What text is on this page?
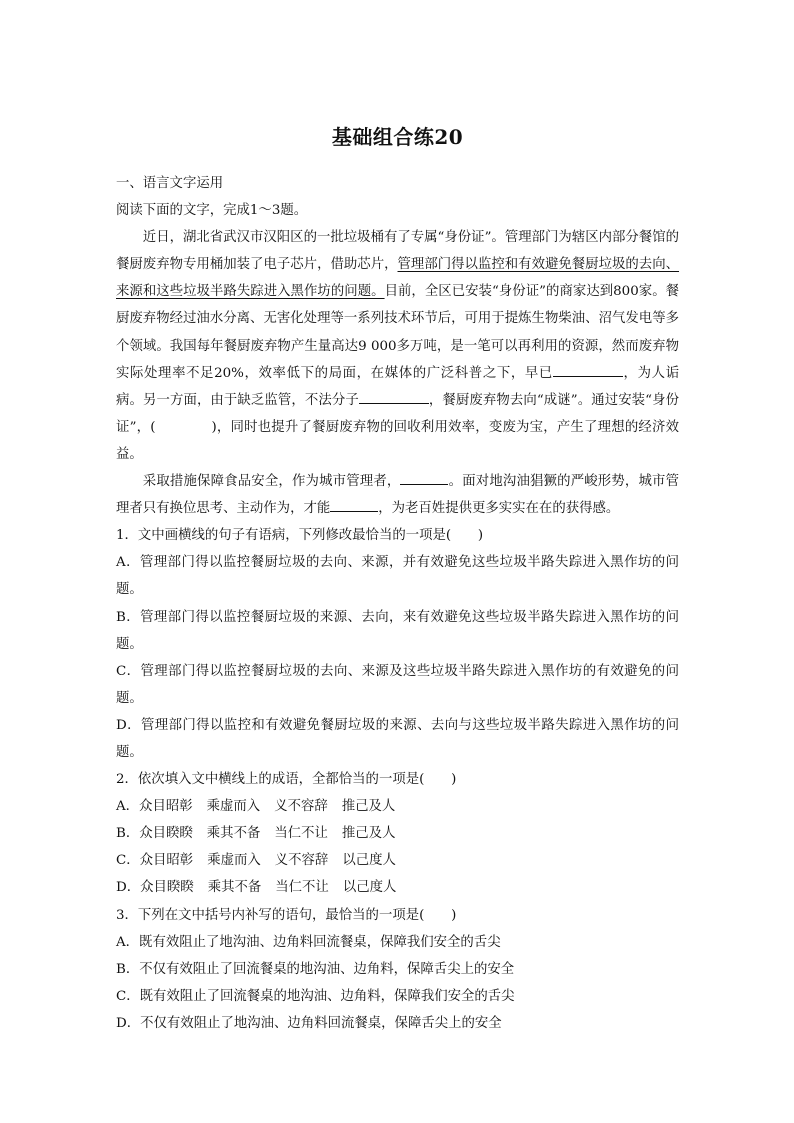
基础组合练20

一、语言文字运用

阅读下面的文字，完成1～3题。

近日，湖北省武汉市汉阳区的一批垃圾桶有了专属“身份证”。管理部门为辖区内部分餐馆的餐厨废弃物专用桶加装了电子芯片，借助芯片，管理部门得以监控和有效避免餐厨垃圾的去向、来源和这些垃圾半路失踪进入黑作坊的问题。目前，全区已安装“身份证”的商家达到800家。餐厨废弃物经过油水分离、无害化处理等一系列技术环节后，可用于提炼生物柴油、沼气发电等多个领域。我国每年餐厨废弃物产生量高达9 000多万吨，是一笔可以再利用的资源，然而废弃物实际处理率不足20%，效率低下的局面，在媒体的广泛科普之下，早已	，为人诟病。另一方面，由于缺乏监管，不法分子	，餐厨废弃物去向“成谜”。通过安装“身份证”，(	)，同时也提升了餐厨废弃物的回收利用效率，变废为宝，产生了理想的经济效益。

采取措施保障食品安全，作为城市管理者，	。面对地沟油猖獗的严峻形势，城市管理者只有换位思考、主动作为，才能	，为老百姓提供更多实实在在的获得感。

1．文中画横线的句子有语病，下列修改最恰当的一项是(　　)

A．管理部门得以监控餐厨垃圾的去向、来源，并有效避免这些垃圾半路失踪进入黑作坊的问题。

B．管理部门得以监控餐厨垃圾的来源、去向，来有效避免这些垃圾半路失踪进入黑作坊的问题。

C．管理部门得以监控餐厨垃圾的去向、来源及这些垃圾半路失踪进入黑作坊的有效避免的问题。

D．管理部门得以监控和有效避免餐厨垃圾的来源、去向与这些垃圾半路失踪进入黑作坊的问题。

2．依次填入文中横线上的成语，全都恰当的一项是(　　)

A．众目昭彰 乘虚而入 义不容辞 推己及人

B．众目睽睽 乘其不备 当仁不让 推己及人

C．众目昭彰 乘虚而入 义不容辞 以己度人

D．众目睽睽 乘其不备 当仁不让 以己度人

3．下列在文中括号内补写的语句，最恰当的一项是(　　)

A．既有效阻止了地沟油、边角料回流餐桌，保障我们安全的舌尖

B．不仅有效阻止了回流餐桌的地沟油、边角料，保障舌尖上的安全

C．既有效阻止了回流餐桌的地沟油、边角料，保障我们安全的舌尖

D．不仅有效阻止了地沟油、边角料回流餐桌，保障舌尖上的安全
